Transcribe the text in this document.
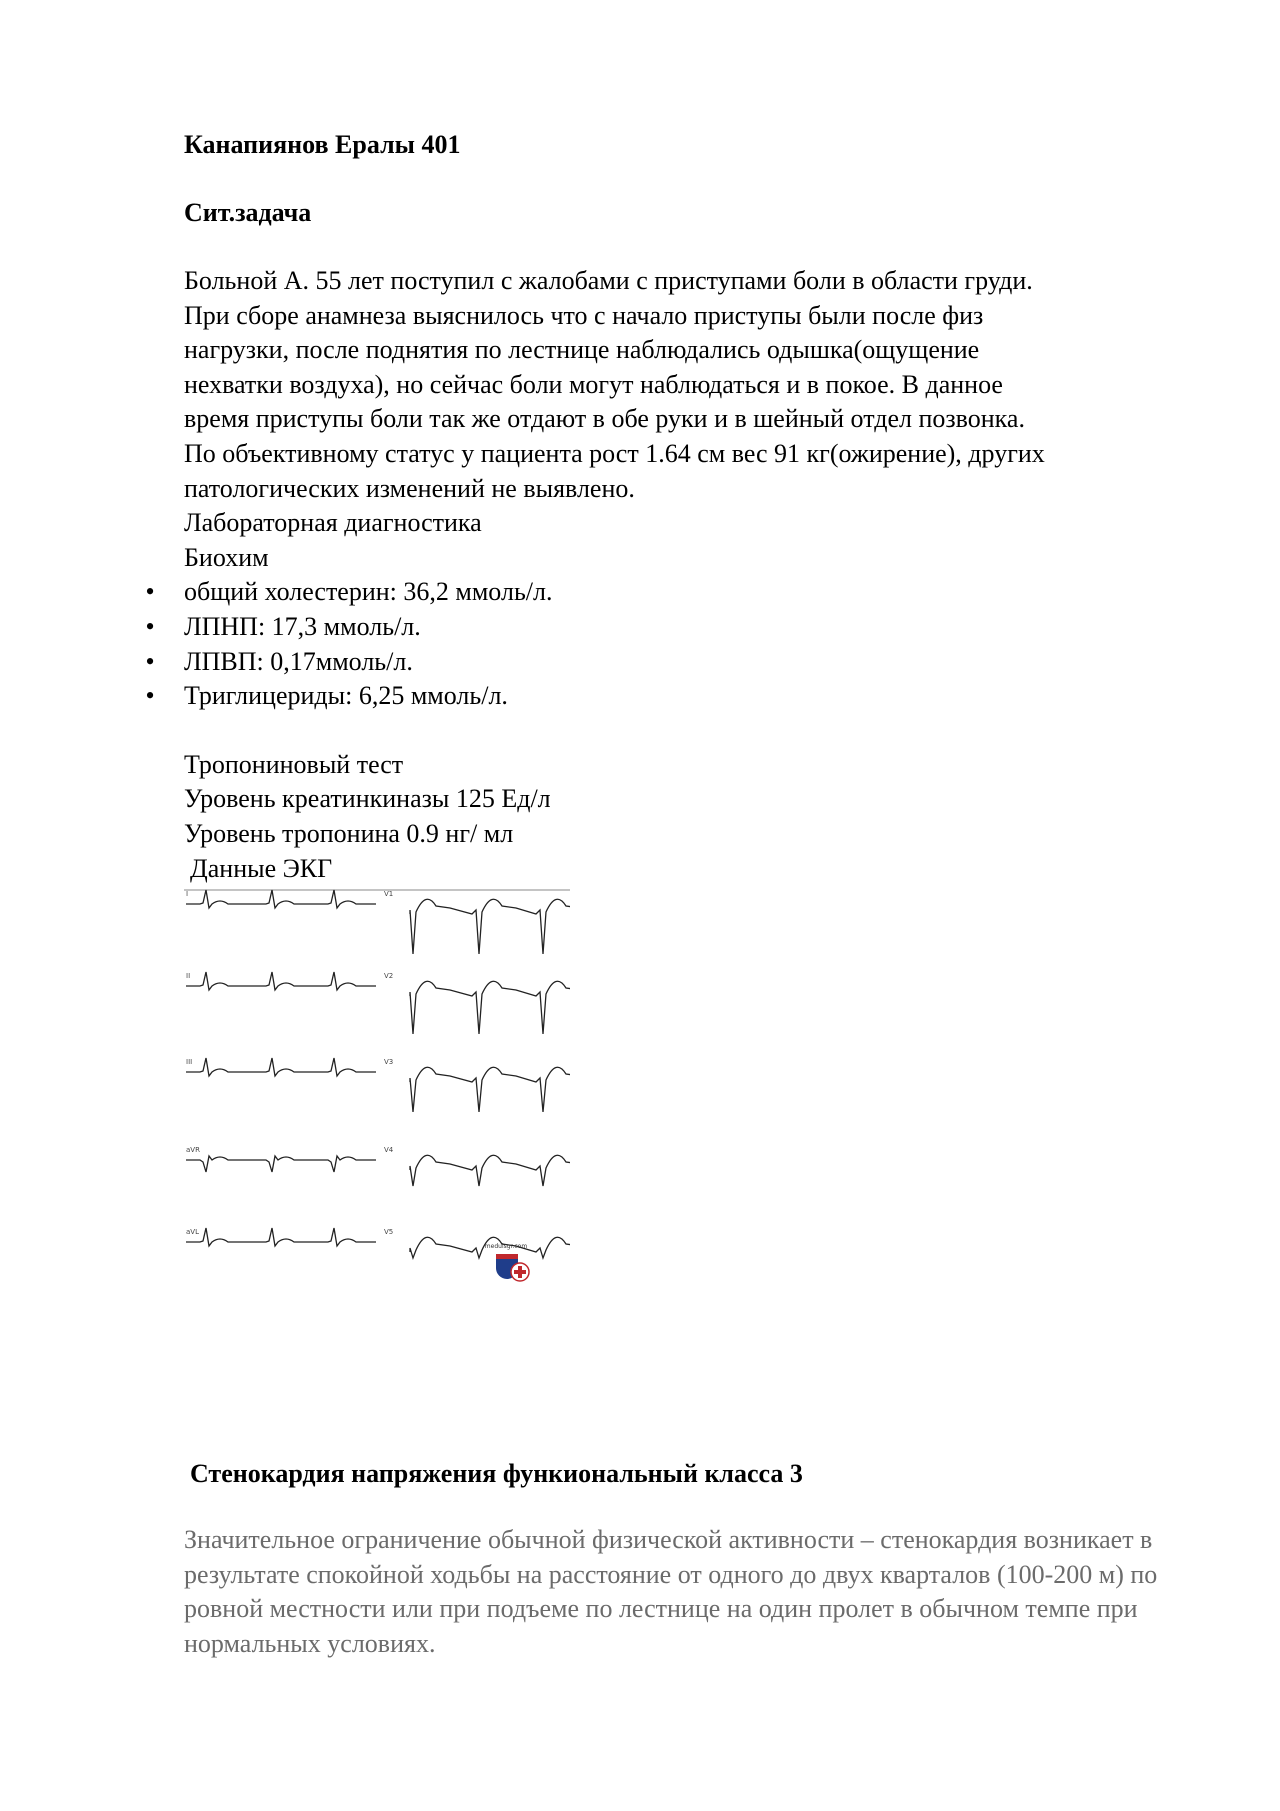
Канапиянов Ералы 401

Сит.задача

Больной А. 55 лет поступил с жалобами с приступами боли в области груди.

При сборе анамнеза выяснилось что с начало приступы были после физ

нагрузки, после поднятия по лестнице наблюдались одышка(ощущение

нехватки воздуха), но сейчас боли могут наблюдаться и в покое. В данное

время приступы боли так же отдают в обе руки и в шейный отдел позвонка.

По объективному статус у пациента рост 1.64 см вес 91 кг(ожирение), других

патологических изменений не выявлено.

Лабораторная диагностика

Биохим

• общий холестерин: 36,2 ммоль/л.
• ЛПНП: 17,3 ммоль/л.
• ЛПВП: 0,17ммоль/л.
• Триглицериды: 6,25 ммоль/л.

Тропониновый тест

Уровень креатинкиназы 125 Ед/л

Уровень тропонина 0.9 нг/ мл

Данные ЭКГ

I	V1
II	V2
III	V3
aVR	V4
aVL	V5
medulsgr.com

Стенокардия напряжения функиональный класса 3

Значительное ограничение обычной физической активности – стенокардия возникает в результате спокойной ходьбы на расстояние от одного до двух кварталов (100-200 м) по ровной местности или при подъеме по лестнице на один пролет в обычном темпе при нормальных условиях.
